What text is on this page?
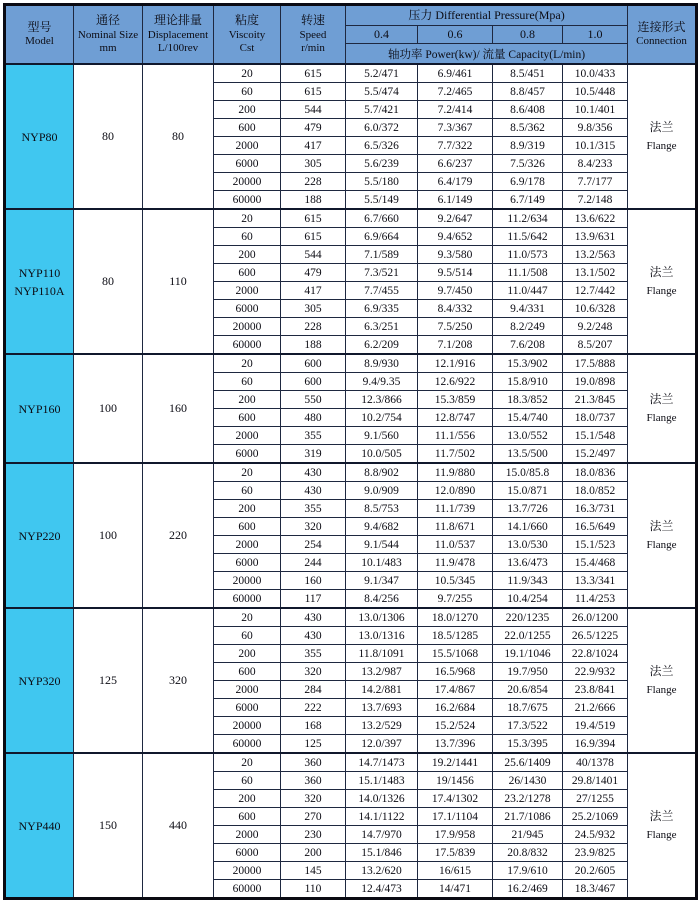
型号
Model

通径
Nominal Size
mm

理论排量
Displacement
L/100rev

粘度
Viscoity
Cst

转速
Speed
r/min
	压力 Differential Pressure(Mpa)	
连接形式
Connection

					0.4	0.6	0.8	1.0	
					轴功率 Power(kw)/ 流量 Capacity(L/min)				

NYP80	80	80	20	615	5.2/471	6.9/461	8.5/451	10.0/433	法兰
Flange

			60	615	5.5/474	7.2/465	8.8/457	10.5/448	
			200	544	5.7/421	7.2/414	8.6/408	10.1/401	
			600	479	6.0/372	7.3/367	8.5/362	9.8/356	
			2000	417	6.5/326	7.7/322	8.9/319	10.1/315	
			6000	305	5.6/239	6.6/237	7.5/326	8.4/233	
			20000	228	5.5/180	6.4/179	6.9/178	7.7/177	
			60000	188	5.5/149	6.1/149	6.7/149	7.2/148	

NYP110
NYP110A
	80	110	20	615	6.7/660	9.2/647	11.2/634	13.6/622	
法兰
Flange

			60	615	6.9/664	9.4/652	11.5/642	13.9/631	
			200	544	7.1/589	9.3/580	11.0/573	13.2/563	
			600	479	7.3/521	9.5/514	11.1/508	13.1/502	
			2000	417	7.7/455	9.7/450	11.0/447	12.7/442	
			6000	305	6.9/335	8.4/332	9.4/331	10.6/328	
			20000	228	6.3/251	7.5/250	8.2/249	9.2/248	
			60000	188	6.2/209	7.1/208	7.6/208	8.5/207	

NYP160	100	160	20	600	8.9/930	12.1/916	15.3/902	17.5/888	法兰
Flange

			60	600	9.4/9.35	12.6/922	15.8/910	19.0/898	
			200	550	12.3/866	15.3/859	18.3/852	21.3/845	
			600	480	10.2/754	12.8/747	15.4/740	18.0/737	
			2000	355	9.1/560	11.1/556	13.0/552	15.1/548	
			6000	319	10.0/505	11.7/502	13.5/500	15.2/497	

NYP220	100	220	20	430	8.8/902	11.9/880	15.0/85.8	18.0/836	法兰
Flange

			60	430	9.0/909	12.0/890	15.0/871	18.0/852	
			200	355	8.5/753	11.1/739	13.7/726	16.3/731	
			600	320	9.4/682	11.8/671	14.1/660	16.5/649	
			2000	254	9.1/544	11.0/537	13.0/530	15.1/523	
			6000	244	10.1/483	11.9/478	13.6/473	15.4/468	
			20000	160	9.1/347	10.5/345	11.9/343	13.3/341	
			60000	117	8.4/256	9.7/255	10.4/254	11.4/253	

NYP320	125	320	20	430	13.0/1306	18.0/1270	220/1235	26.0/1200	法兰
Flange

			60	430	13.0/1316	18.5/1285	22.0/1255	26.5/1225	
			200	355	11.8/1091	15.5/1068	19.1/1046	22.8/1024	
			600	320	13.2/987	16.5/968	19.7/950	22.9/932	
			2000	284	14.2/881	17.4/867	20.6/854	23.8/841	
			6000	222	13.7/693	16.2/684	18.7/675	21.2/666	
			20000	168	13.2/529	15.2/524	17.3/522	19.4/519	
			60000	125	12.0/397	13.7/396	15.3/395	16.9/394	

NYP440	150	440	20	360	14.7/1473	19.2/1441	25.6/1409	40/1378	法兰
Flange

			60	360	15.1/1483	19/1456	26/1430	29.8/1401	
			200	320	14.0/1326	17.4/1302	23.2/1278	27/1255	
			600	270	14.1/1122	17.1/1104	21.7/1086	25.2/1069	
			2000	230	14.7/970	17.9/958	21/945	24.5/932	
			6000	200	15.1/846	17.5/839	20.8/832	23.9/825	
			20000	145	13.2/620	16/615	17.9/610	20.2/605	
			60000	110	12.4/473	14/471	16.2/469	18.3/467	
